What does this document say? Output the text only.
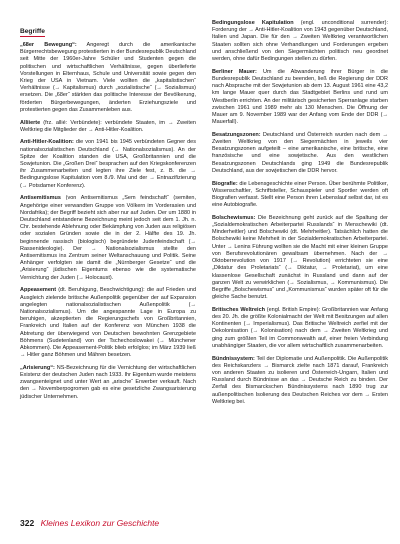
Begriffe

„68er Bewegung“: Angeregt durch die amerikanische Bürgerrechtsbewegung protestierten in der Bundesrepublik Deutschland seit Mitte der 1960er-Jahre Schüler und Studenten gegen die politischen und wirtschaftlichen Verhältnisse, gegen überlieferte Vorstellungen in Elternhaus, Schule und Universität sowie gegen den Krieg der USA in Vietnam. Viele wollten die „kapitalistischen“ Verhältnisse (→ Kapitalismus) durch „sozialistische“ (→ Sozialismus) ersetzen. Die „68er“ stärkten das politische Interesse der Bevölkerung, förderten Bürgerbewegungen, änderten Erziehungsziele und protestierten gegen das Zusammenleben aus.

Alliierte (frz. allié: Verbündete): verbündete Staaten, im → Zweiten Weltkrieg die Mitglieder der → Anti-Hitler-Koalition.

Anti-Hitler-Koalition: die von 1941 bis 1945 verbündeten Gegner des nationalsozialistischen Deutschland (→ Nationalsozialismus). An der Spitze der Koalition standen die USA, Großbritannien und die Sowjetunion. Die „Großen Drei“ besprachen auf den Kriegskonferenzen ihr Zusammenarbeiten und legten ihre Ziele fest, z. B. die → Bedingungslose Kapitulation vom 8./9. Mai und der → Entnazifizierung (→ Potsdamer Konferenz).

Antisemitismus (von Antisemitismus „Sem feindschaft“ (semiten, Angehörige einer verwandten Gruppe von Völkern im Vorderasien und Nordafrika); der Begriff bezieht sich aber nur auf Juden. Der um 1880 in Deutschland entstandene Bezeichnung meint jedoch seit dem 1. Jh. n. Chr. bestehende Ablehnung oder Bekämpfung von Juden aus religiösen oder sozialen Gründen sowie die in der 2. Hälfte des 19. Jh. beginnende rassisch (biologisch) begründete Judenfeindschaft (→ Rassenideologie). Der → Nationalsozialismus stellte den Antisemitismus ins Zentrum seiner Weltanschauung und Politik. Seine Anhänger verfolgten sie damit die „Nürnberger Gesetze“ und die „Arisierung“ jüdischen Eigentums ebenso wie die systematische Vernichtung der Juden (→ Holocaust).

Appeasement (dt. Beruhigung, Beschwichtigung): die auf Frieden und Ausgleich zielende britische Außenpolitik gegenüber der auf Expansion angelegten nationalsozialistischen Außenpolitik (→ Nationalsozialismus). Um die angespannte Lage in Europa zu beruhigen, akzeptierten die Regierungschefs von Großbritannien, Frankreich und Italien auf der Konferenz von München 1938 die Abtretung der überwiegend von Deutschen bewohnten Grenzgebiete Böhmens (Sudetenland) von der Tschechoslowakei (→ Münchener Abkommen). Die Appeasement-Politik blieb erfolglos; im März 1939 ließ → Hitler ganz Böhmen und Mähren besetzen.

„Arisierung“: NS-Bezeichnung für die Vernichtung der wirtschaftlichen Existenz der deutschen Juden nach 1933. Ihr Eigentum wurde meistens zwangsenteignet und unter Wert an „arische“ Erwerber verkauft. Nach den → Novemberpogromen gab es eine gesetzliche Zwangsarisierung jüdischer Unternehmen.

Bedingungslose Kapitulation (engl. unconditional surrender): Forderung der → Anti-Hitler-Koalition von 1943 gegenüber Deutschland, Italien und Japan. Die für den → Zweiten Weltkrieg verantwortlichen Staaten sollten sich ohne Verhandlungen und Forderungen ergeben und anschließend von den Siegermächten politisch neu geordnet werden, ohne dafür Bedingungen stellen zu dürfen.

Berliner Mauer: Um die Abwanderung ihrer Bürger in die Bundesrepublik Deutschland zu beenden, ließ die Regierung der DDR nach Absprache mit der Sowjetunion ab dem 13. August 1961 eine 43,2 km lange Mauer quer durch das Stadtgebiet Berlins und rund um Westberlin errichten. An der militärisch gesicherten Sperranlage starben zwischen 1961 und 1989 mehr als 130 Menschen. Die Öffnung der Mauer am 9. November 1989 war der Anfang vom Ende der DDR (→ Mauerfall).

Besatzungszonen: Deutschland und Österreich wurden nach dem → Zweiten Weltkrieg von den Siegermächten in jeweils vier Besatzungszonen aufgeteilt – eine amerikanische, eine britische, eine französische und eine sowjetische. Aus den westlichen Besatzungszonen Deutschlands ging 1949 die Bundesrepublik Deutschland, aus der sowjetischen die DDR hervor.

Biografie: die Lebensgeschichte einer Person. Über berühmte Politiker, Wissenschaftler, Schriftsteller, Schauspieler und Sportler werden oft Biografien verfasst. Stellt eine Person ihren Lebenslauf selbst dar, ist es eine Autobiografie.

Bolschewismus: Die Bezeichnung geht zurück auf die Spaltung der „Sozialdemokratischen Arbeiterpartei Russlands“ in Menschewiki (dt. Minderheitler) und Bolschewiki (dt. Mehrheitler). Tatsächlich hatten die Bolschewiki keine Mehrheit in der Sozialdemokratischen Arbeiterpartei. Unter → Lenins Führung wollten sie die Macht mit einer kleinen Gruppe von Berufsrevolutionären gewaltsam übernehmen. Nach der → Oktoberrevolution von 1917 (→ Revolution) errichteten sie eine „Diktatur des Proletariats“ (→ Diktatur, → Proletariat), um eine klassenlose Gesellschaft zunächst in Russland und dann auf der ganzen Welt zu verwirklichen (→ Sozialismus, → Kommunismus). Die Begriffe „Bolschewismus“ und „Kommunismus“ wurden später oft für die gleiche Sache benutzt.

Britisches Weltreich (engl. British Empire): Großbritannien war Anfang des 20. Jh. die größte Kolonialmacht der Welt mit Besitzungen auf allen Kontinenten (→ Imperialismus). Das Britische Weltreich zerfiel mit der Dekolonisation (→ Kolonisation) nach dem → Zweiten Weltkrieg und ging zum größten Teil im Commonwealth auf, einer freien Verbindung unabhängiger Staaten, die vor allem wirtschaftlich zusammenarbeiten.

Bündnissystem: Teil der Diplomatie und Außenpolitik. Die Außenpolitik des Reichskanzlers → Bismarck zielte nach 1871 darauf, Frankreich von anderen Staaten zu isolieren und Österreich-Ungarn, Italien und Russland durch Bündnisse an das → Deutsche Reich zu binden. Der Zerfall des Bismarckschen Bündnissystems nach 1890 trug zur außenpolitischen Isolierung des Deutschen Reiches vor dem → Ersten Weltkrieg bei.

322 Kleines Lexikon zur Geschichte
